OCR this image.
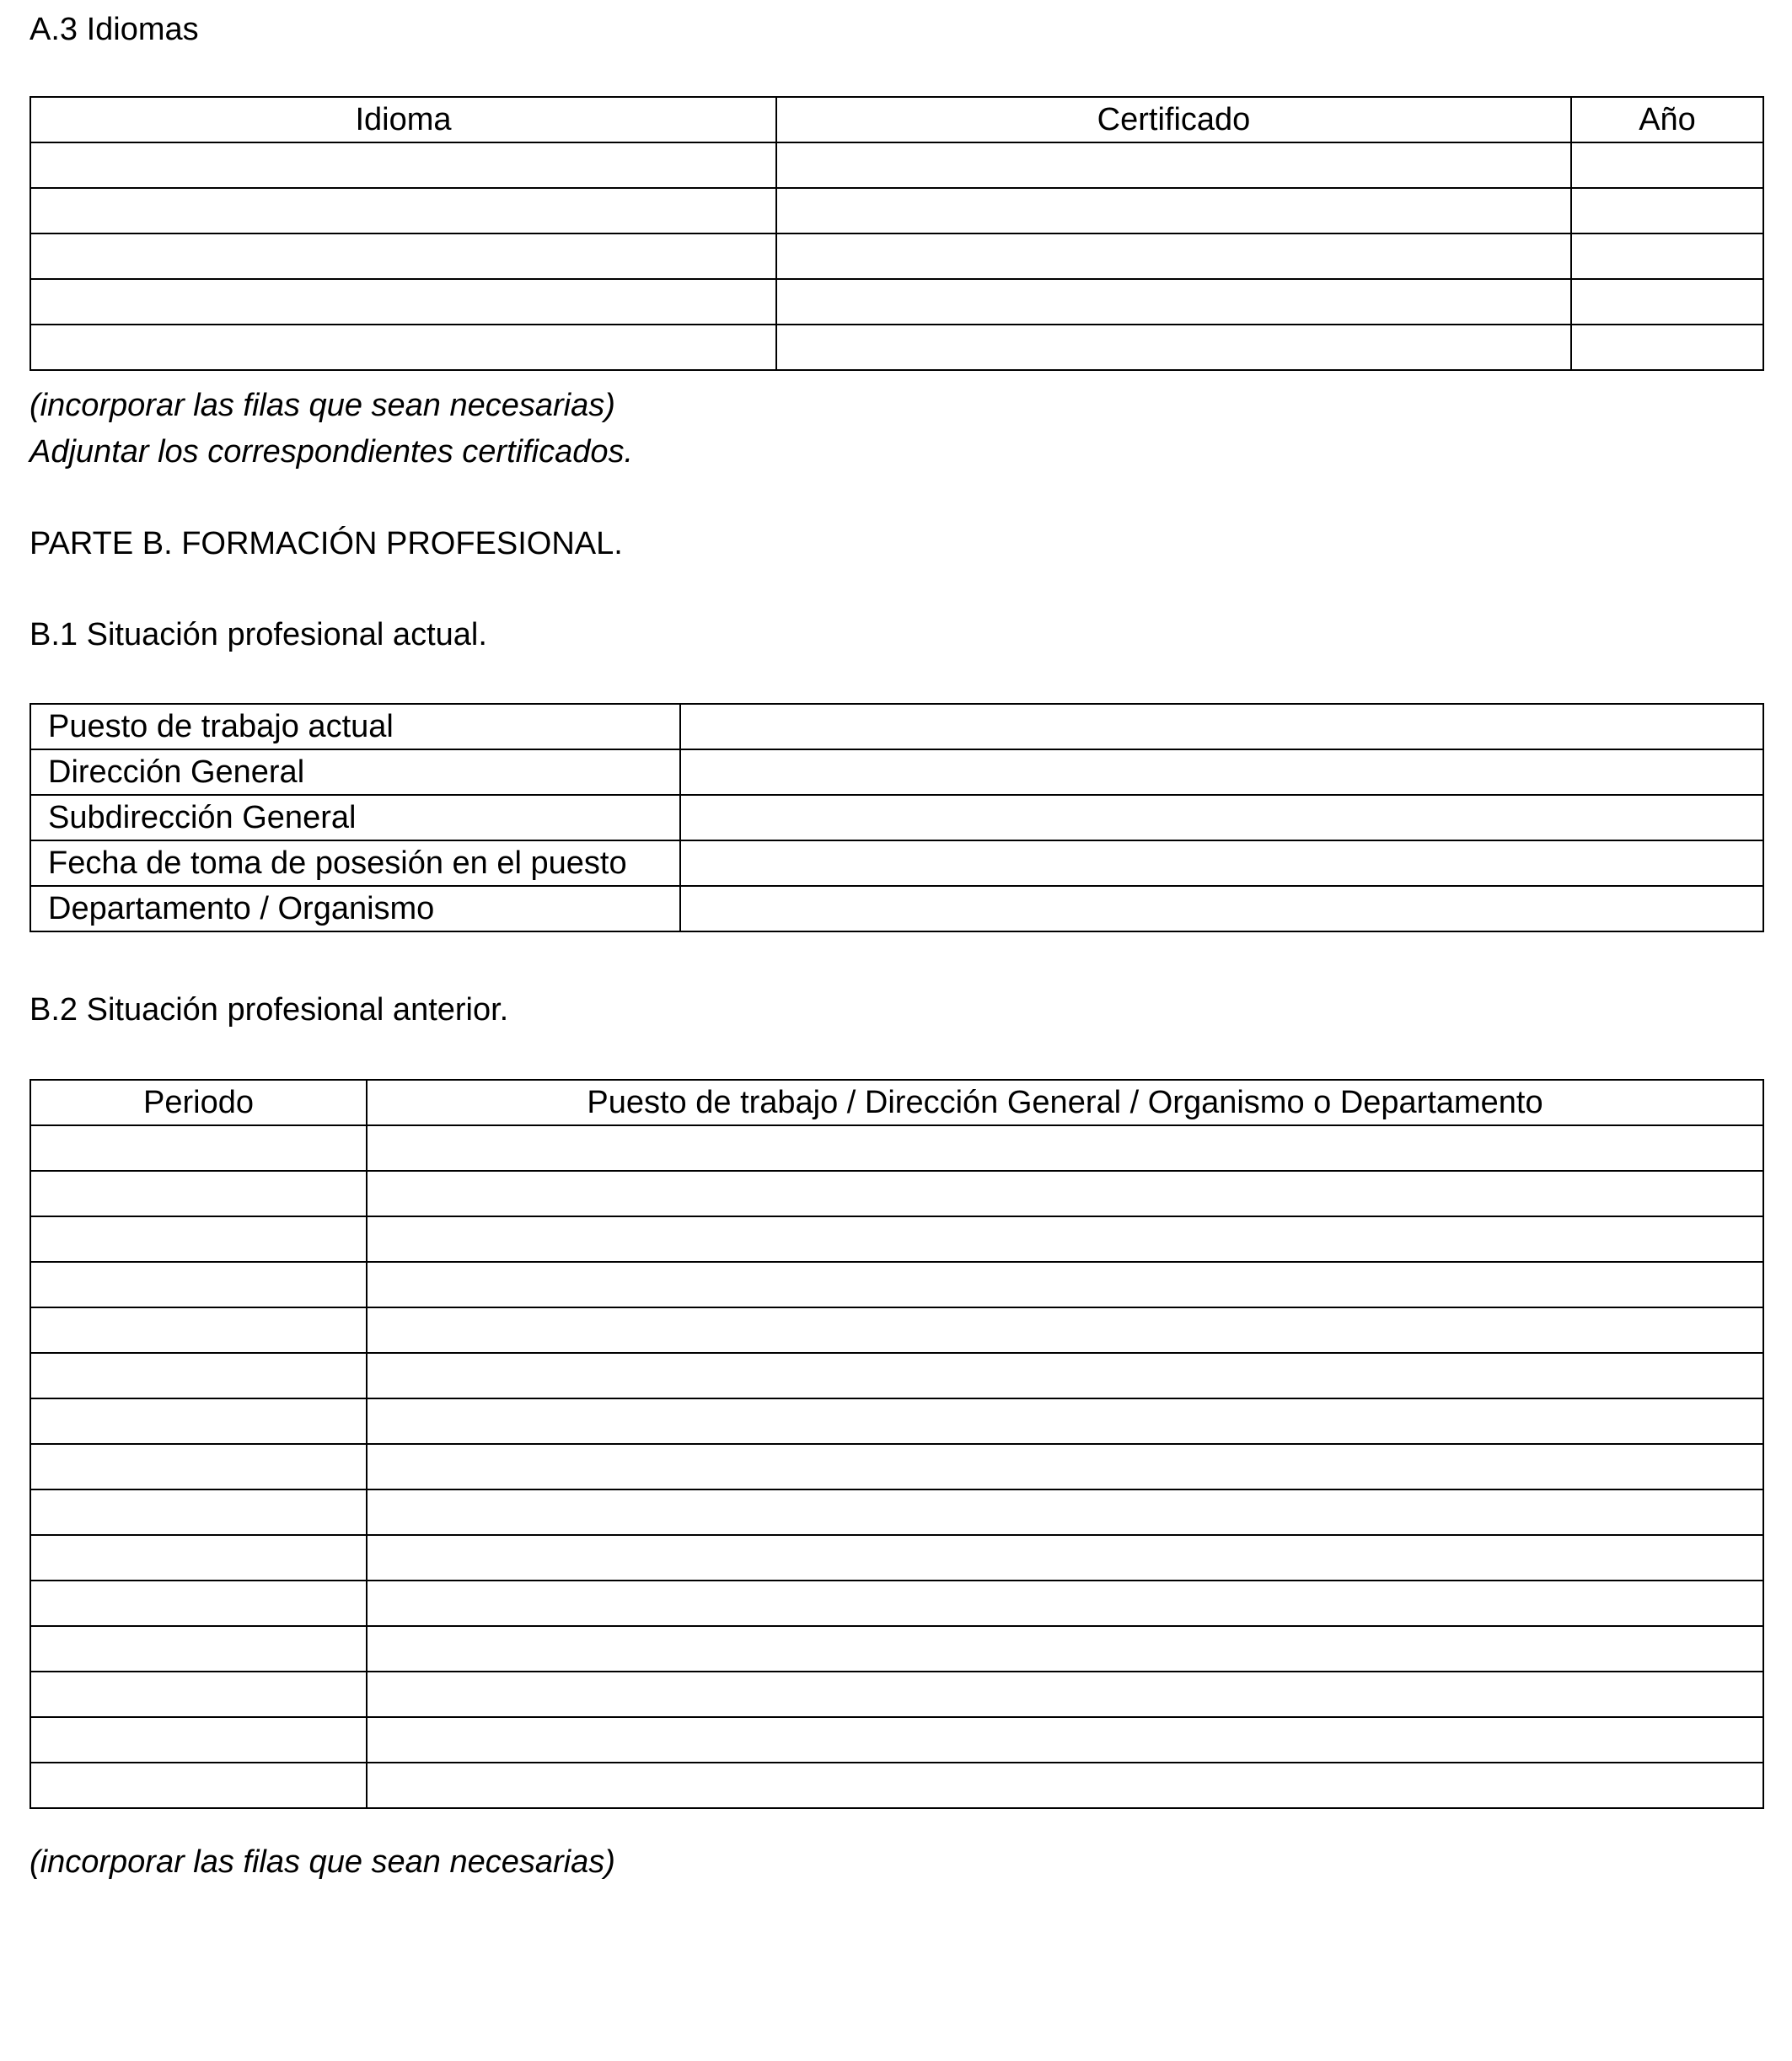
A.3 Idiomas
Idioma	Certificado	Año

(incorporar las filas que sean necesarias)
Adjuntar los correspondientes certificados.
PARTE B. FORMACIÓN PROFESIONAL.
B.1 Situación profesional actual.
Puesto de trabajo actual	
Dirección General	
Subdirección General	
Fecha de toma de posesión en el puesto	
Departamento / Organismo	
B.2 Situación profesional anterior.
Periodo	Puesto de trabajo / Dirección General / Organismo o Departamento

(incorporar las filas que sean necesarias)
